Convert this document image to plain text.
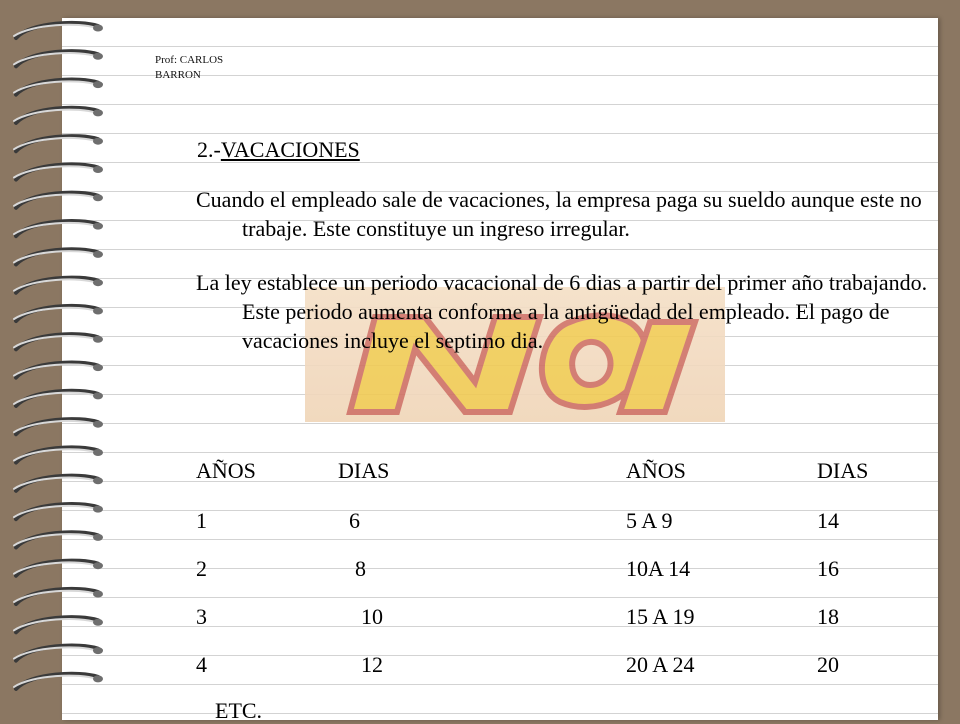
Prof: CARLOS BARRON
2.-VACACIONES
Cuando el empleado sale de vacaciones, la empresa paga su sueldo aunque este no trabaje. Este constituye un ingreso irregular.
La ley establece un periodo vacacional de 6 dias a partir del primer año trabajando. Este periodo aumenta conforme a la antigüedad del empleado. El pago de vacaciones incluye el septimo dia.
AÑOS	DIAS	AÑOS	DIAS
1	6	5 A 9	14
2	8	10A 14	16
3	10	15 A 19	18
4	12	20 A 24	20
ETC.
